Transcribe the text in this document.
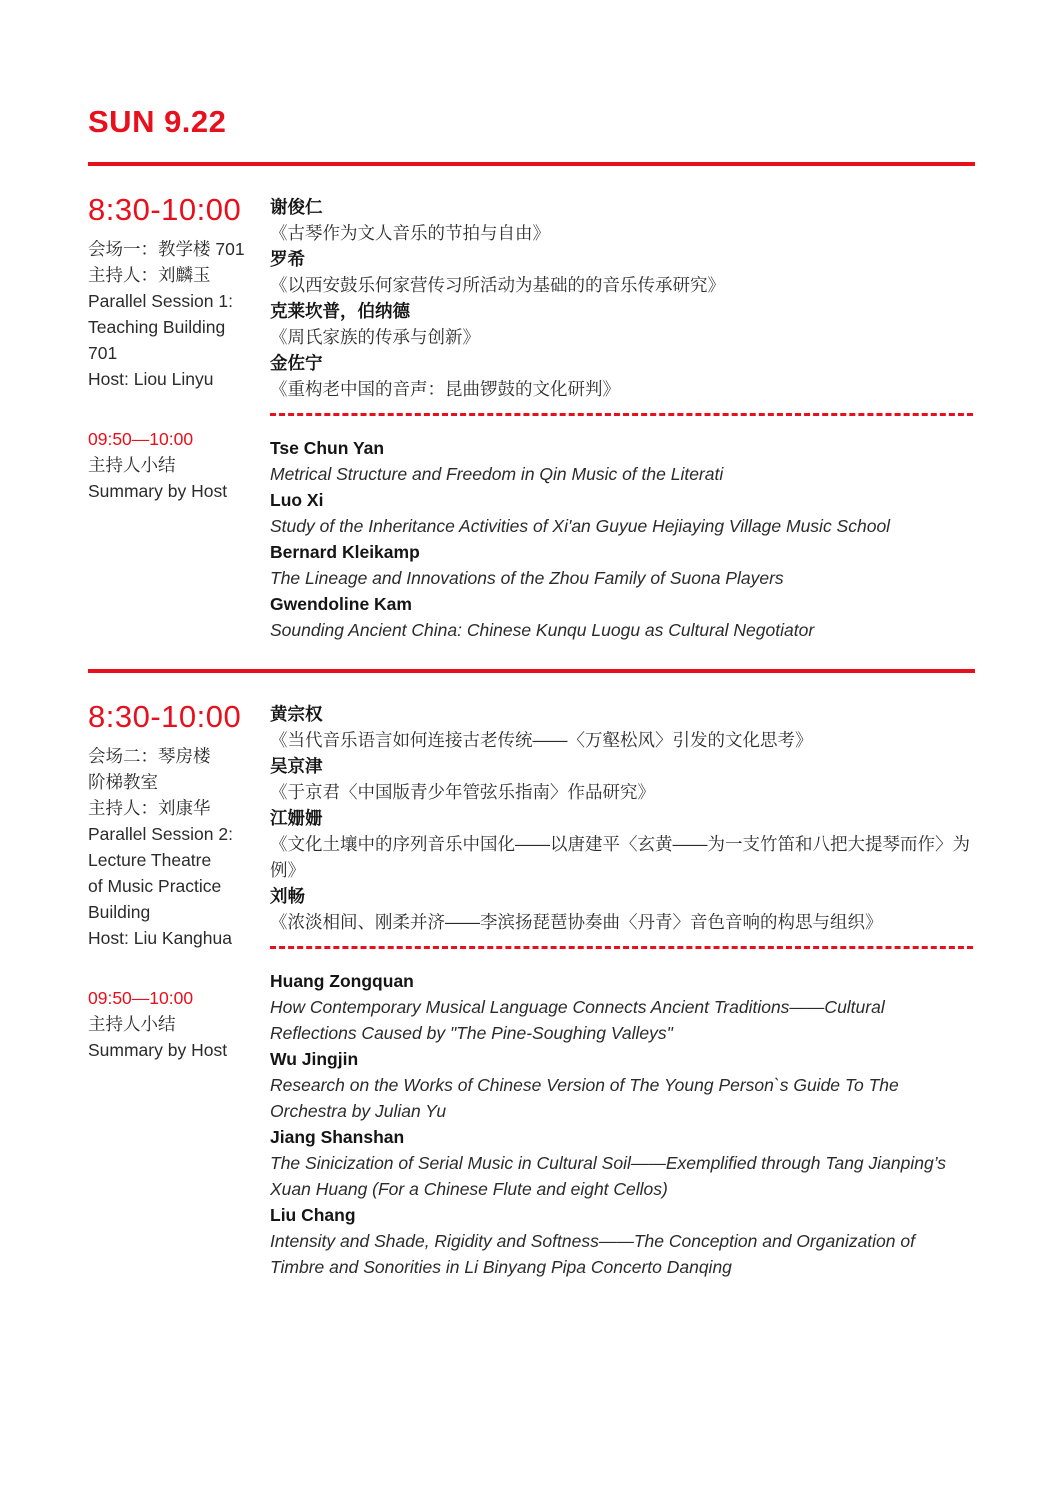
SUN 9.22
8:30-10:00
会场一：教学楼 701
主持人：刘麟玉
Parallel Session 1:
Teaching Building
701
Host: Liou Linyu
09:50—10:00
主持人小结
Summary by Host
谢俊仁
《古琴作为文人音乐的节拍与自由》
罗希
《以西安鼓乐何家营传习所活动为基础的的音乐传承研究》
克莱坎普，伯纳德
《周氏家族的传承与创新》
金佐宁
《重构老中国的音声：昆曲锣鼓的文化研判》
Tse Chun Yan
Metrical Structure and Freedom in Qin Music of the Literati
Luo Xi
Study of the Inheritance Activities of Xi'an Guyue Hejiaying Village Music School
Bernard Kleikamp
The Lineage and Innovations of the Zhou Family of Suona Players
Gwendoline Kam
Sounding Ancient China: Chinese Kunqu Luogu as Cultural Negotiator
8:30-10:00
会场二：琴房楼
阶梯教室
主持人：刘康华
Parallel Session 2:
Lecture Theatre
of Music Practice
Building
Host: Liu Kanghua
09:50—10:00
主持人小结
Summary by Host
黄宗权
《当代音乐语言如何连接古老传统——〈万壑松风〉引发的文化思考》
吴京津
《于京君〈中国版青少年管弦乐指南〉作品研究》
江姗姗
《文化土壤中的序列音乐中国化——以唐建平〈玄黄——为一支竹笛和八把大提琴而作〉为例》
刘畅
《浓淡相间、刚柔并济——李滨扬琵琶协奏曲〈丹青〉音色音响的构思与组织》
Huang Zongquan
How Contemporary Musical Language Connects Ancient Traditions——Cultural Reflections Caused by "The Pine-Soughing Valleys"
Wu Jingjin
Research on the Works of Chinese Version of The Young Person`s Guide To The Orchestra by Julian Yu
Jiang Shanshan
The Sinicization of Serial Music in Cultural Soil——Exemplified through Tang Jianping’s Xuan Huang (For a Chinese Flute and eight Cellos)
Liu Chang
Intensity and Shade, Rigidity and Softness——The Conception and Organization of Timbre and Sonorities in Li Binyang Pipa Concerto Danqing
